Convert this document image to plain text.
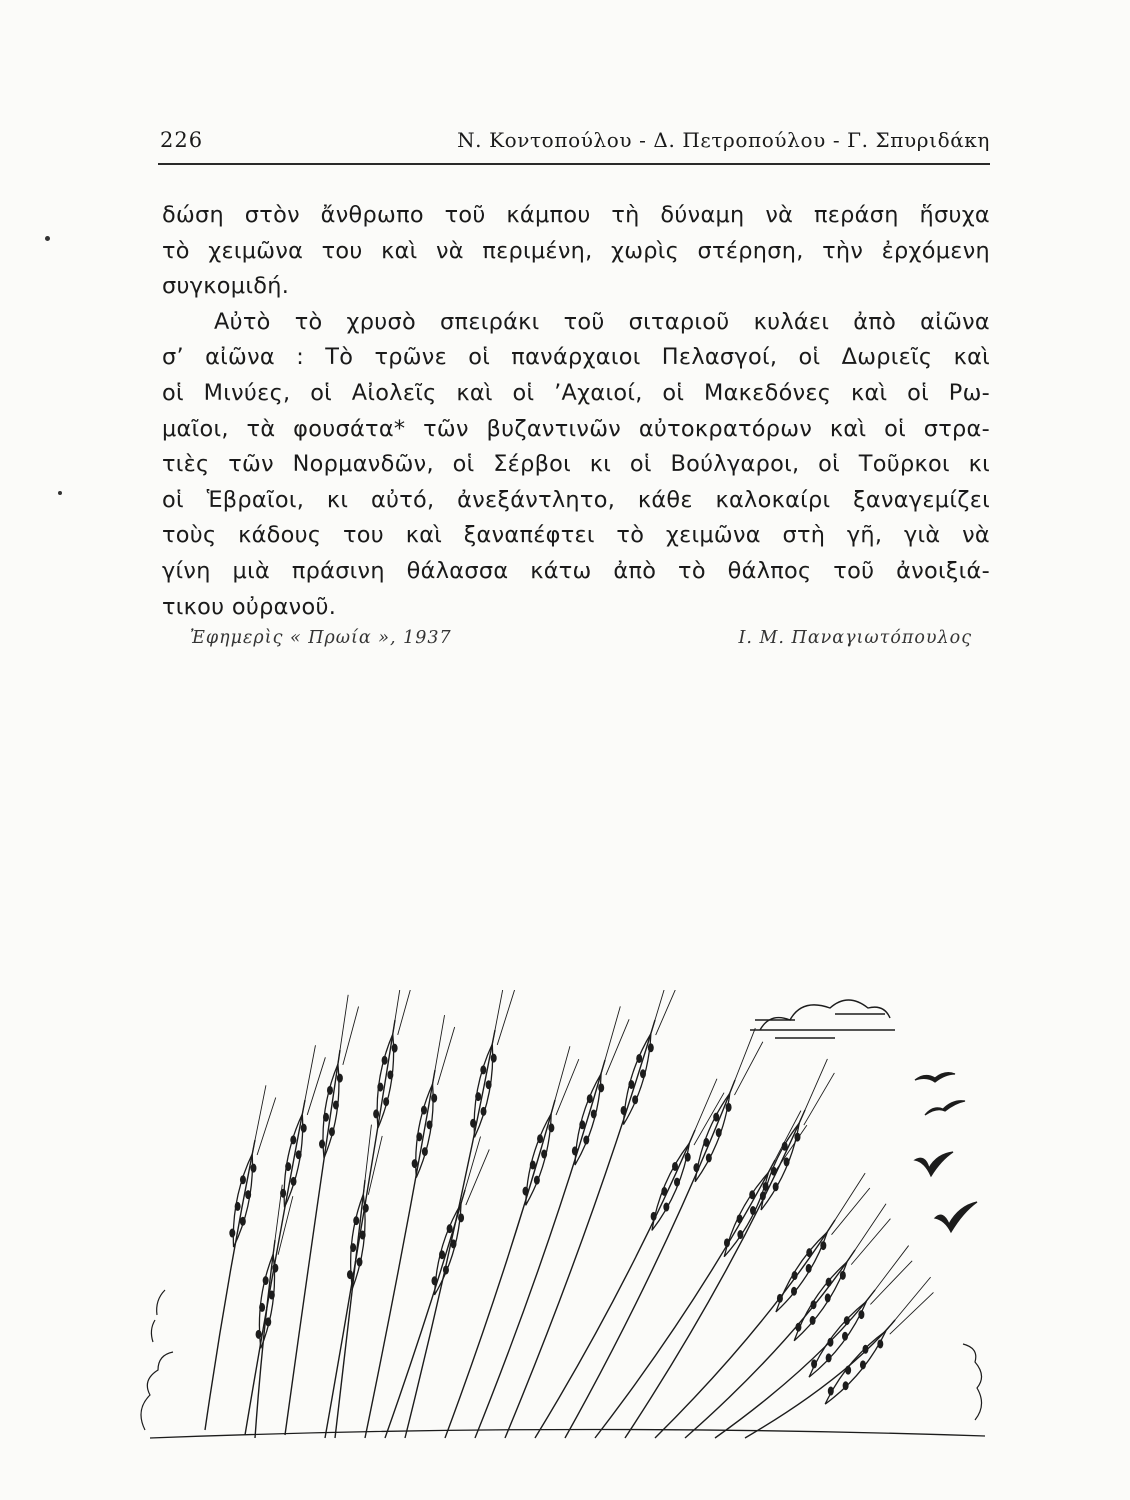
226	Ν. Κοντοπούλου - Δ. Πετροπούλου - Γ. Σπυριδάκη
δώση στὸν ἄνθρωπο τοῦ κάμπου τὴ δύναμη νὰ περάση ἥσυχα
τὸ χειμῶνα του καὶ νὰ περιμένη, χωρὶς στέρηση, τὴν ἐρχόμενη
συγκομιδή.
Αὐτὸ τὸ χρυσὸ σπειράκι τοῦ σιταριοῦ κυλάει ἀπὸ αἰῶνα
σ’ αἰῶνα : Τὸ τρῶνε οἱ πανάρχαιοι Πελασγοί, οἱ Δωριεῖς καὶ
οἱ Μινύες, οἱ Αἰολεῖς καὶ οἱ ’Αχαιοί, οἱ Μακεδόνες καὶ οἱ Ρω-
μαῖοι, τὰ φουσάτα* τῶν βυζαντινῶν αὐτοκρατόρων καὶ οἱ στρα-
τιὲς τῶν Νορμανδῶν, οἱ Σέρβοι κι οἱ Βούλγαροι, οἱ Τοῦρκοι κι
οἱ Ἑβραῖοι, κι αὐτό, ἀνεξάντλητο, κάθε καλοκαίρι ξαναγεμίζει
τοὺς κάδους του καὶ ξαναπέφτει τὸ χειμῶνα στὴ γῆ, γιὰ νὰ
γίνη μιὰ πράσινη θάλασσα κάτω ἀπὸ τὸ θάλπος τοῦ ἀνοιξιά-
τικου οὐρανοῦ.
Ἐφημερὶς « Πρωία », 1937	Ι. Μ. Παναγιωτόπουλος
